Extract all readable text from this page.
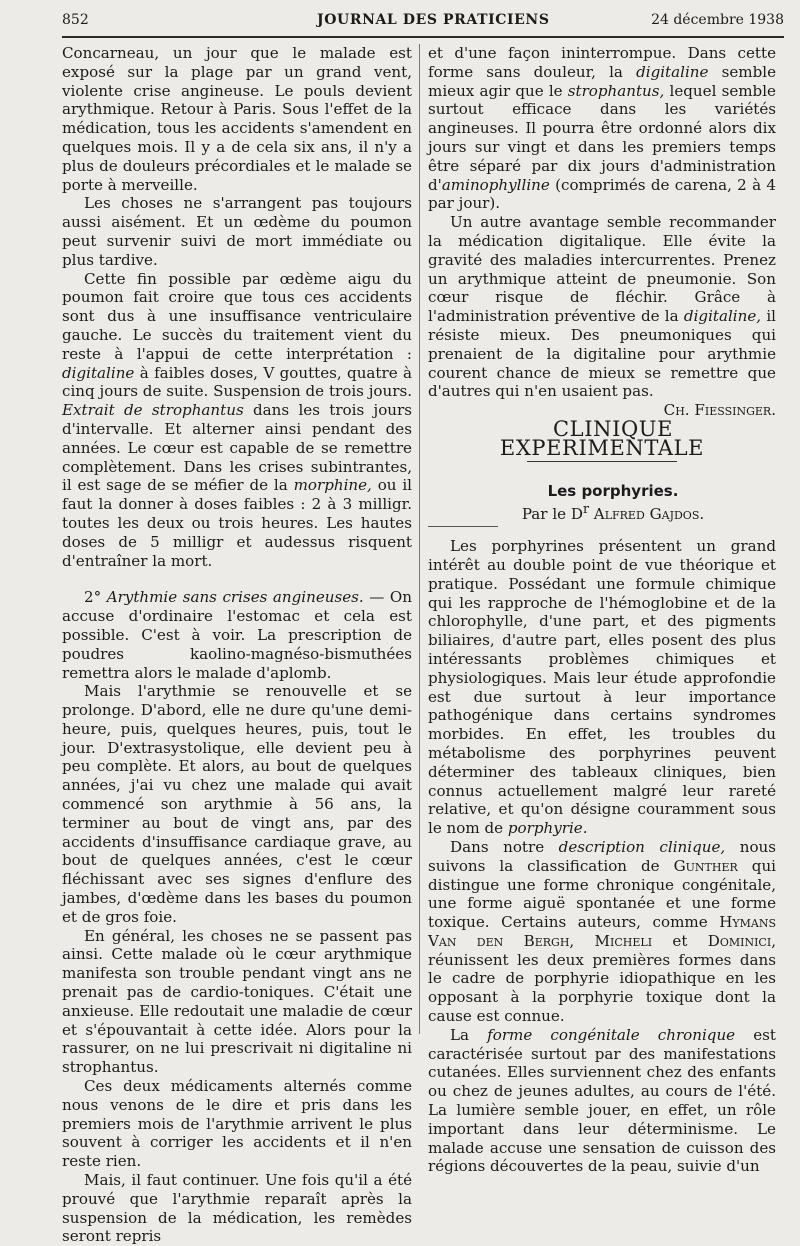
852	JOURNAL DES PRATICIENS	24 décembre 1938

Concarneau, un jour que le malade est exposé sur la plage par un grand vent, violente crise angineuse. Le pouls devient arythmique. Retour à Paris. Sous l'effet de la médication, tous les accidents s'amendent en quelques mois. Il y a de cela six ans, il n'y a plus de douleurs précordiales et le malade se porte à merveille.

Les choses ne s'arrangent pas toujours aussi aisément. Et un œdème du poumon peut survenir suivi de mort immédiate ou plus tardive.

Cette fin possible par œdème aigu du poumon fait croire que tous ces accidents sont dus à une insuffisance ventriculaire gauche. Le succès du traitement vient du reste à l'appui de cette interprétation : digitaline à faibles doses, V gouttes, quatre à cinq jours de suite. Suspension de trois jours. Extrait de strophantus dans les trois jours d'intervalle. Et alterner ainsi pendant des années. Le cœur est capable de se remettre complètement. Dans les crises subintrantes, il est sage de se méfier de la morphine, ou il faut la donner à doses faibles : 2 à 3 milligr. toutes les deux ou trois heures. Les hautes doses de 5 milligr et audessus risquent d'entraîner la mort.

2° Arythmie sans crises angineuses. — On accuse d'ordinaire l'estomac et cela est possible. C'est à voir. La prescription de poudres kaolino-magnéso-bismuthées remettra alors le malade d'aplomb.

Mais l'arythmie se renouvelle et se prolonge. D'abord, elle ne dure qu'une demi- heure, puis, quelques heures, puis, tout le jour. D'extrasystolique, elle devient peu à peu complète. Et alors, au bout de quelques années, j'ai vu chez une malade qui avait commencé son arythmie à 56 ans, la terminer au bout de vingt ans, par des accidents d'insuffisance cardiaque grave, au bout de quelques années, c'est le cœur fléchissant avec ses signes d'enflure des jambes, d'œdème dans les bases du poumon et de gros foie.

En général, les choses ne se passent pas ainsi. Cette malade où le cœur arythmique manifesta son trouble pendant vingt ans ne prenait pas de cardio-toniques. C'était une anxieuse. Elle redoutait une maladie de cœur et s'épouvantait à cette idée. Alors pour la rassurer, on ne lui prescrivait ni digitaline ni strophantus.

Ces deux médicaments alternés comme nous venons de le dire et pris dans les premiers mois de l'arythmie arrivent le plus souvent à corriger les accidents et il n'en reste rien.

Mais, il faut continuer. Une fois qu'il a été prouvé que l'arythmie reparaît après la suspension de la médication, les remèdes seront repris

et d'une façon ininterrompue. Dans cette forme sans douleur, la digitaline semble mieux agir que le strophantus, lequel semble surtout efficace dans les variétés angineuses. Il pourra être ordonné alors dix jours sur vingt et dans les premiers temps être séparé par dix jours d'administration d'aminophylline (comprimés de carena, 2 à 4 par jour).

Un autre avantage semble recommander la médication digitalique. Elle évite la gravité des maladies intercurrentes. Prenez un arythmique atteint de pneumonie. Son cœur risque de fléchir. Grâce à l'administration préventive de la digitaline, il résiste mieux. Des pneumoniques qui prenaient de la digitaline pour arythmie courent chance de mieux se remettre que d'autres qui n'en usaient pas.

Ch. Fiessinger.

CLINIQUE EXPERIMENTALE

Les porphyries.

Par le $D^r$ Alfred Gajdos.

Les porphyrines présentent un grand intérêt au double point de vue théorique et pratique. Possédant une formule chimique qui les rapproche de l'hémoglobine et de la chlorophylle, d'une part, et des pigments biliaires, d'autre part, elles posent des plus intéressants problèmes chimiques et physiologiques. Mais leur étude approfondie est due surtout à leur importance pathogénique dans certains syndromes morbides. En effet, les troubles du métabolisme des porphyrines peuvent déterminer des tableaux cliniques, bien connus actuellement malgré leur rareté relative, et qu'on désigne couramment sous le nom de porphyrie.

Dans notre description clinique, nous suivons la classification de Gunther qui distingue une forme chronique congénitale, une forme aiguë spontanée et une forme toxique. Certains auteurs, comme Hymans Van den Bergh, Micheli et Dominici, réunissent les deux premières formes dans le cadre de porphyrie idiopathique en les opposant à la porphyrie toxique dont la cause est connue.

La forme congénitale chronique est caractérisée surtout par des manifestations cutanées. Elles surviennent chez des enfants ou chez de jeunes adultes, au cours de l'été. La lumière semble jouer, en effet, un rôle important dans leur déterminisme. Le malade accuse une sensation de cuisson des régions découvertes de la peau, suivie d'un
